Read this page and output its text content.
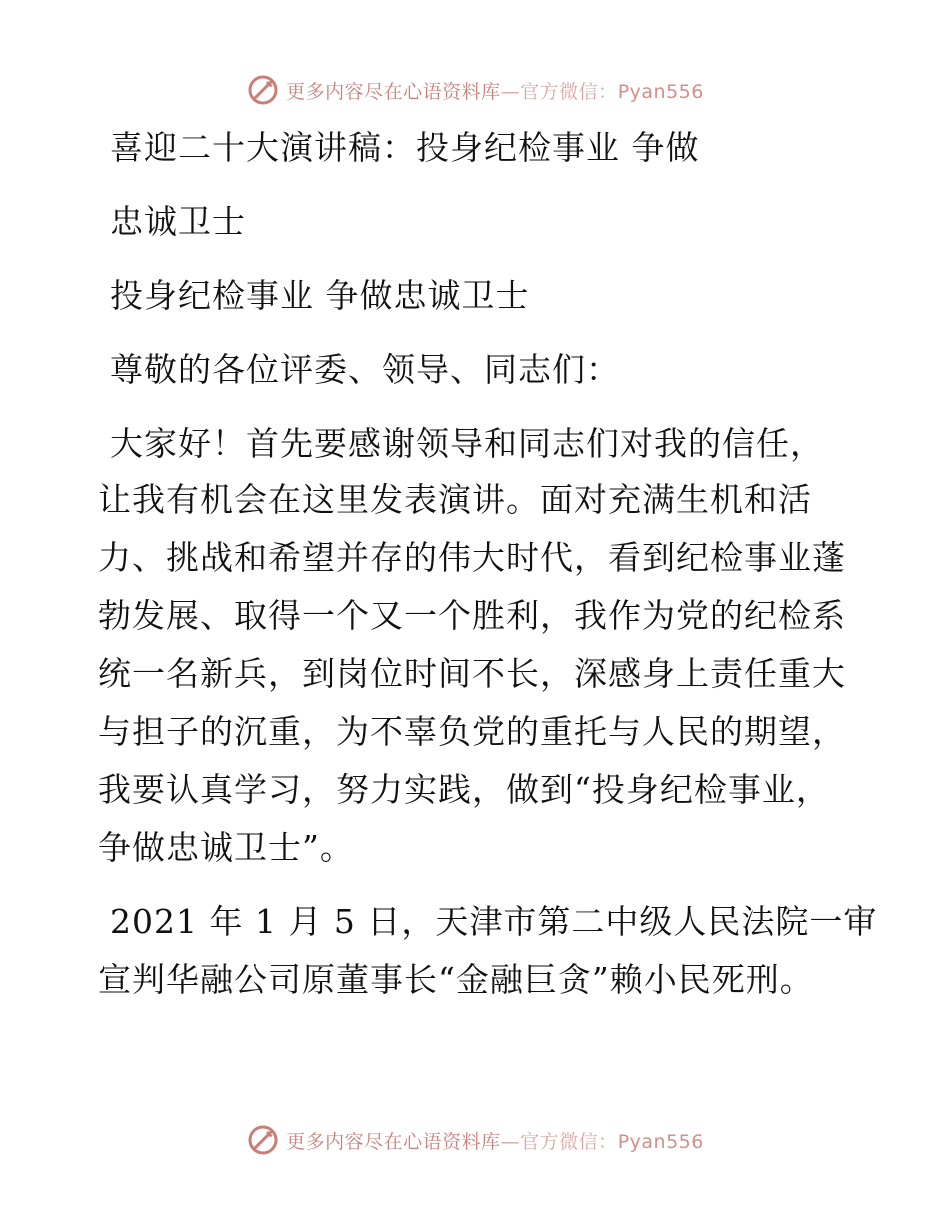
更多内容尽在心语资料库—官方微信：Pyan556
喜迎二十大演讲稿：投身纪检事业 争做
忠诚卫士
投身纪检事业 争做忠诚卫士
尊敬的各位评委、领导、同志们：
大家好！首先要感谢领导和同志们对我的信任，
让我有机会在这里发表演讲。面对充满生机和活
力、挑战和希望并存的伟大时代，看到纪检事业蓬
勃发展、取得一个又一个胜利，我作为党的纪检系
统一名新兵，到岗位时间不长，深感身上责任重大
与担子的沉重，为不辜负党的重托与人民的期望，
我要认真学习，努力实践，做到“投身纪检事业，
争做忠诚卫士”。
2021 年 1 月 5 日，天津市第二中级人民法院一审
宣判华融公司原董事长“金融巨贪”赖小民死刑。
更多内容尽在心语资料库—官方微信：Pyan556
